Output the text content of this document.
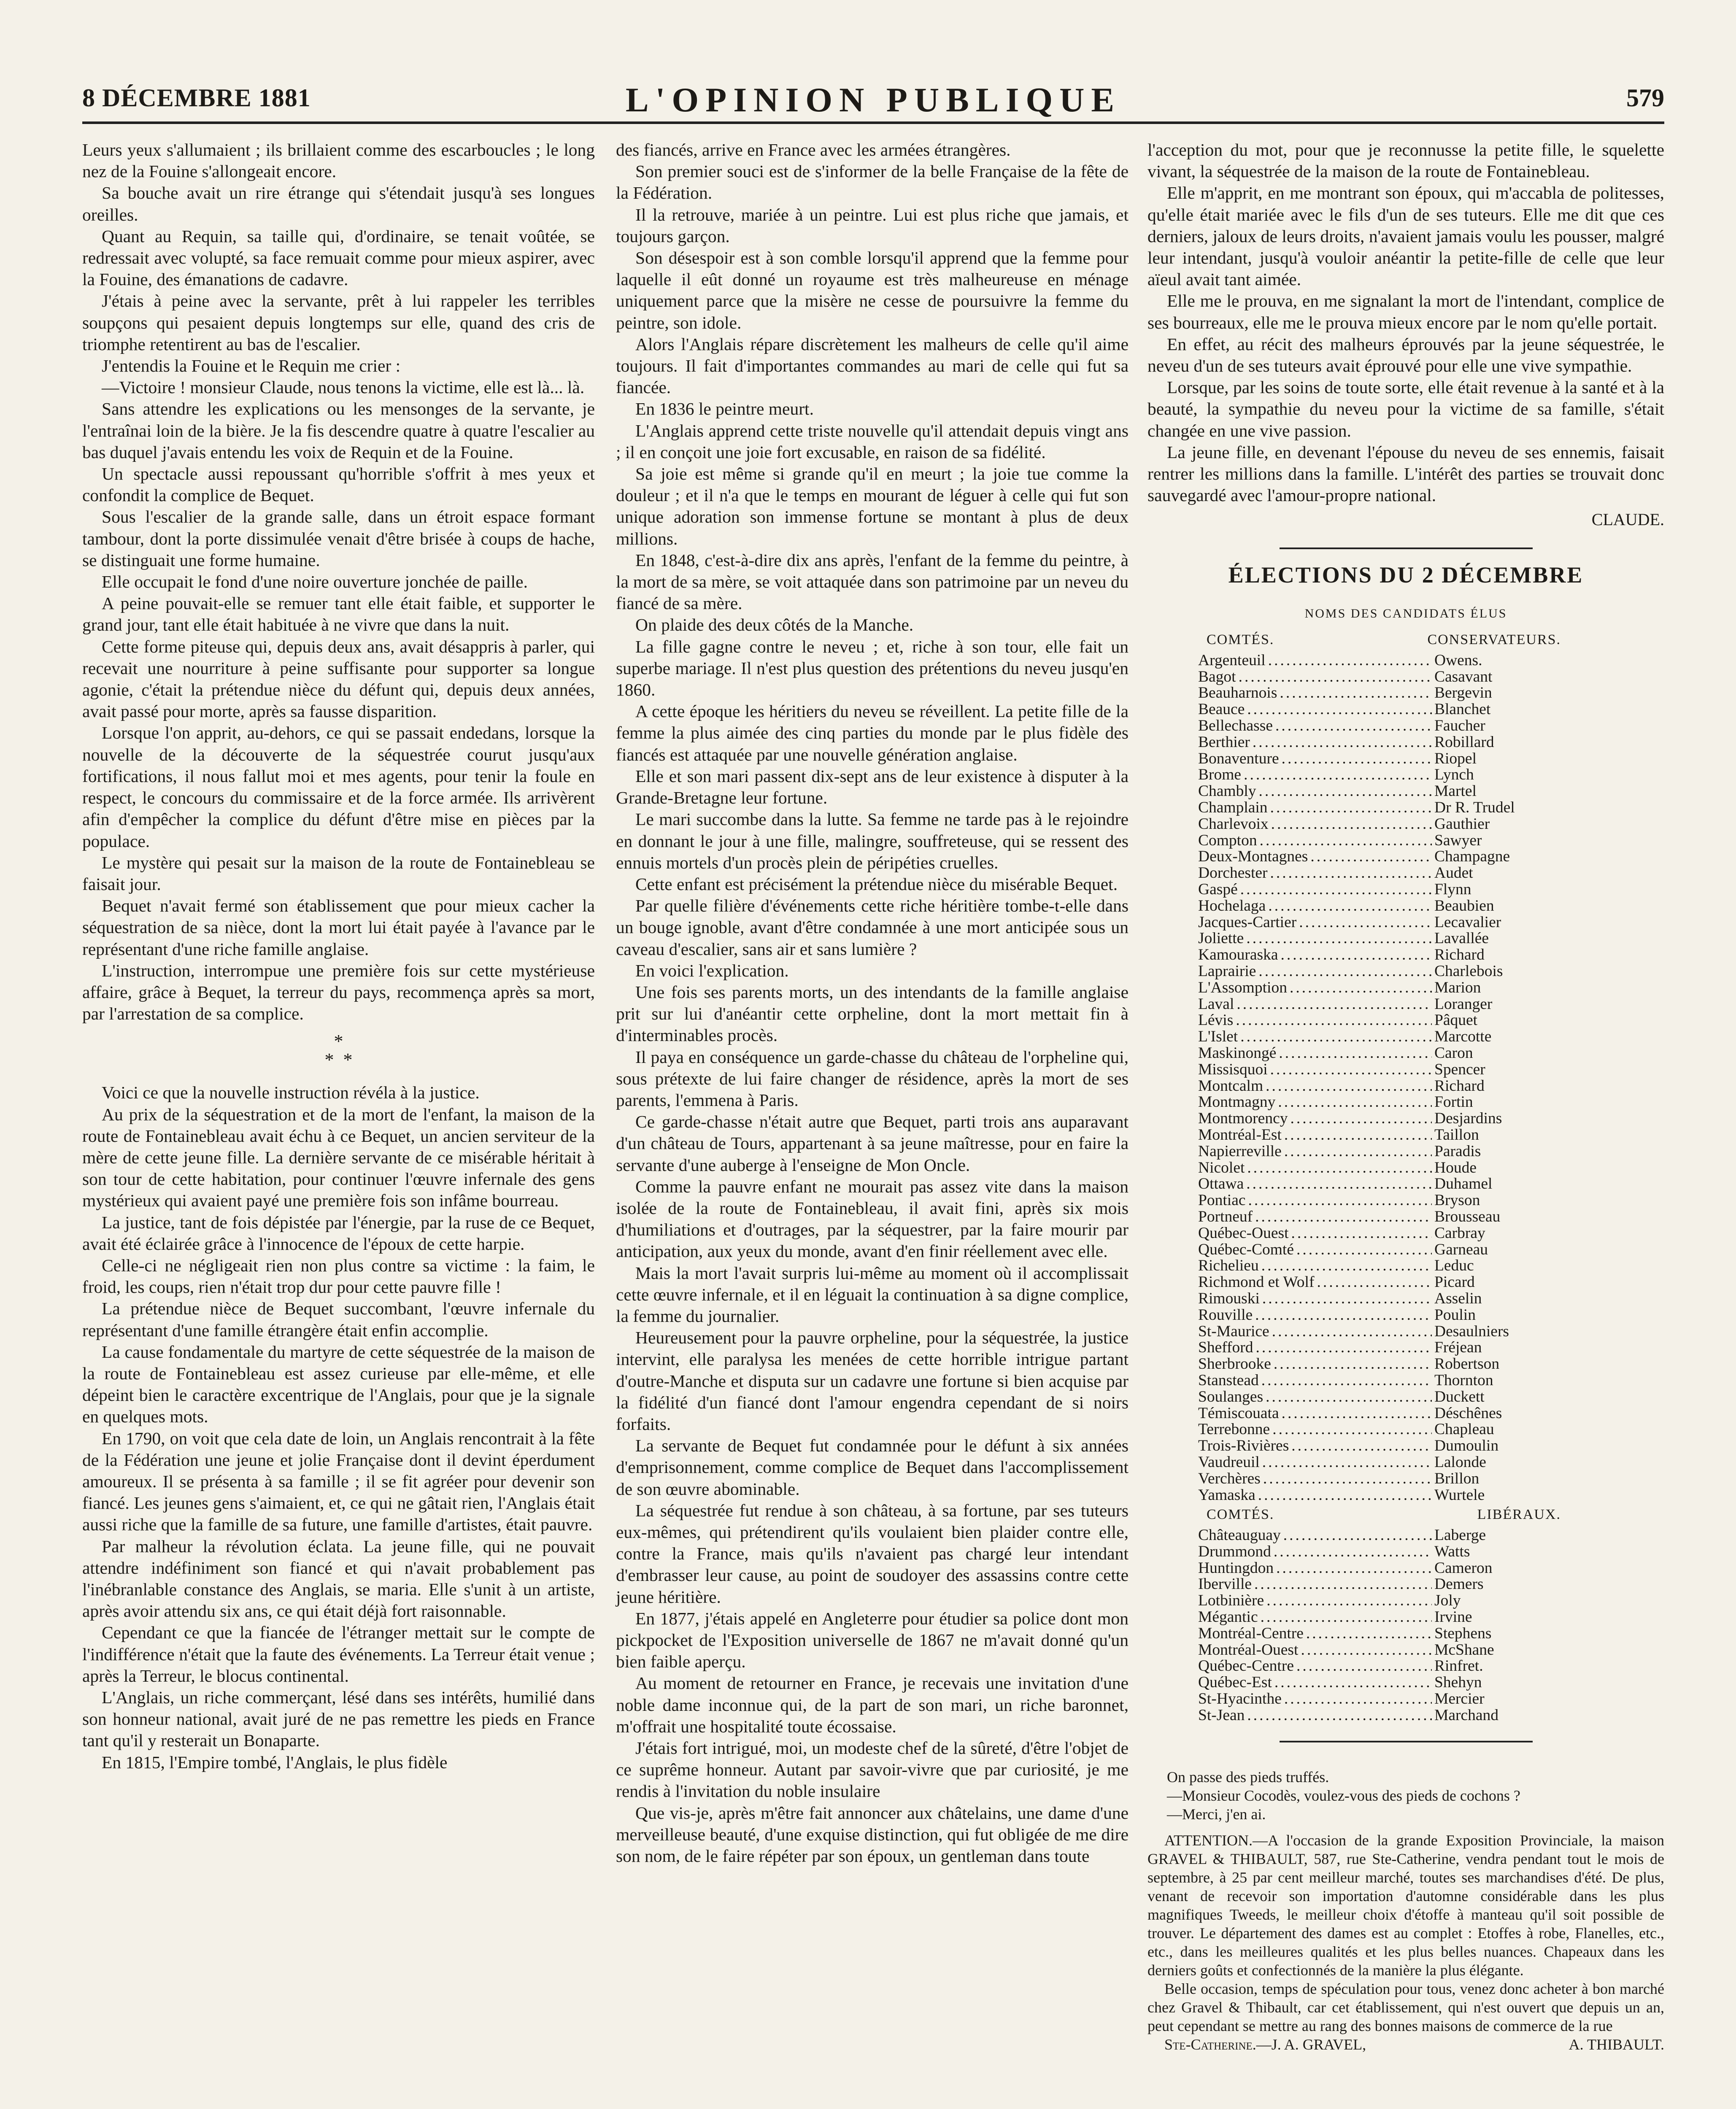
8 DÉCEMBRE 1881	L'OPINION PUBLIQUE	579

Leurs yeux s'allumaient ; ils brillaient comme des escarboucles ; le long nez de la Fouine s'allongeait encore.

Sa bouche avait un rire étrange qui s'étendait jusqu'à ses longues oreilles.

Quant au Requin, sa taille qui, d'ordinaire, se tenait voûtée, se redressait avec volupté, sa face remuait comme pour mieux aspirer, avec la Fouine, des émanations de cadavre.

J'étais à peine avec la servante, prêt à lui rappeler les terribles soupçons qui pesaient depuis longtemps sur elle, quand des cris de triomphe retentirent au bas de l'escalier.

J'entendis la Fouine et le Requin me crier :

—Victoire ! monsieur Claude, nous tenons la victime, elle est là... là.

Sans attendre les explications ou les mensonges de la servante, je l'entraînai loin de la bière. Je la fis descendre quatre à quatre l'escalier au bas duquel j'avais entendu les voix de Requin et de la Fouine.

Un spectacle aussi repoussant qu'horrible s'offrit à mes yeux et confondit la complice de Bequet.

Sous l'escalier de la grande salle, dans un étroit espace formant tambour, dont la porte dissimulée venait d'être brisée à coups de hache, se distinguait une forme humaine.

Elle occupait le fond d'une noire ouverture jonchée de paille.

A peine pouvait-elle se remuer tant elle était faible, et supporter le grand jour, tant elle était habituée à ne vivre que dans la nuit.

Cette forme piteuse qui, depuis deux ans, avait désappris à parler, qui recevait une nourriture à peine suffisante pour supporter sa longue agonie, c'était la prétendue nièce du défunt qui, depuis deux années, avait passé pour morte, après sa fausse disparition.

Lorsque l'on apprit, au-dehors, ce qui se passait endedans, lorsque la nouvelle de la découverte de la séquestrée courut jusqu'aux fortifications, il nous fallut moi et mes agents, pour tenir la foule en respect, le concours du commissaire et de la force armée. Ils arrivèrent afin d'empêcher la complice du défunt d'être mise en pièces par la populace.

Le mystère qui pesait sur la maison de la route de Fontainebleau se faisait jour.

Bequet n'avait fermé son établissement que pour mieux cacher la séquestration de sa nièce, dont la mort lui était payée à l'avance par le représentant d'une riche famille anglaise.

L'instruction, interrompue une première fois sur cette mystérieuse affaire, grâce à Bequet, la terreur du pays, recommença après sa mort, par l'arrestation de sa complice.

*
* *

Voici ce que la nouvelle instruction révéla à la justice.

Au prix de la séquestration et de la mort de l'enfant, la maison de la route de Fontainebleau avait échu à ce Bequet, un ancien serviteur de la mère de cette jeune fille. La dernière servante de ce misérable héritait à son tour de cette habitation, pour continuer l'œuvre infernale des gens mystérieux qui avaient payé une première fois son infâme bourreau.

La justice, tant de fois dépistée par l'énergie, par la ruse de ce Bequet, avait été éclairée grâce à l'innocence de l'époux de cette harpie.

Celle-ci ne négligeait rien non plus contre sa victime : la faim, le froid, les coups, rien n'était trop dur pour cette pauvre fille !

La prétendue nièce de Bequet succombant, l'œuvre infernale du représentant d'une famille étrangère était enfin accomplie.

La cause fondamentale du martyre de cette séquestrée de la maison de la route de Fontainebleau est assez curieuse par elle-même, et elle dépeint bien le caractère excentrique de l'Anglais, pour que je la signale en quelques mots.

En 1790, on voit que cela date de loin, un Anglais rencontrait à la fête de la Fédération une jeune et jolie Française dont il devint éperdument amoureux. Il se présenta à sa famille ; il se fit agréer pour devenir son fiancé. Les jeunes gens s'aimaient, et, ce qui ne gâtait rien, l'Anglais était aussi riche que la famille de sa future, une famille d'artistes, était pauvre.

Par malheur la révolution éclata. La jeune fille, qui ne pouvait attendre indéfiniment son fiancé et qui n'avait probablement pas l'inébranlable constance des Anglais, se maria. Elle s'unit à un artiste, après avoir attendu six ans, ce qui était déjà fort raisonnable.

Cependant ce que la fiancée de l'étranger mettait sur le compte de l'indifférence n'était que la faute des événements. La Terreur était venue ; après la Terreur, le blocus continental.

L'Anglais, un riche commerçant, lésé dans ses intérêts, humilié dans son honneur national, avait juré de ne pas remettre les pieds en France tant qu'il y resterait un Bonaparte.

En 1815, l'Empire tombé, l'Anglais, le plus fidèle

des fiancés, arrive en France avec les armées étrangères.

Son premier souci est de s'informer de la belle Française de la fête de la Fédération.

Il la retrouve, mariée à un peintre. Lui est plus riche que jamais, et toujours garçon.

Son désespoir est à son comble lorsqu'il apprend que la femme pour laquelle il eût donné un royaume est très malheureuse en ménage uniquement parce que la misère ne cesse de poursuivre la femme du peintre, son idole.

Alors l'Anglais répare discrètement les malheurs de celle qu'il aime toujours. Il fait d'importantes commandes au mari de celle qui fut sa fiancée.

En 1836 le peintre meurt.

L'Anglais apprend cette triste nouvelle qu'il attendait depuis vingt ans ; il en conçoit une joie fort excusable, en raison de sa fidélité.

Sa joie est même si grande qu'il en meurt ; la joie tue comme la douleur ; et il n'a que le temps en mourant de léguer à celle qui fut son unique adoration son immense fortune se montant à plus de deux millions.

En 1848, c'est-à-dire dix ans après, l'enfant de la femme du peintre, à la mort de sa mère, se voit attaquée dans son patrimoine par un neveu du fiancé de sa mère.

On plaide des deux côtés de la Manche.

La fille gagne contre le neveu ; et, riche à son tour, elle fait un superbe mariage. Il n'est plus question des prétentions du neveu jusqu'en 1860.

A cette époque les héritiers du neveu se réveillent. La petite fille de la femme la plus aimée des cinq parties du monde par le plus fidèle des fiancés est attaquée par une nouvelle génération anglaise.

Elle et son mari passent dix-sept ans de leur existence à disputer à la Grande-Bretagne leur fortune.

Le mari succombe dans la lutte. Sa femme ne tarde pas à le rejoindre en donnant le jour à une fille, malingre, souffreteuse, qui se ressent des ennuis mortels d'un procès plein de péripéties cruelles.

Cette enfant est précisément la prétendue nièce du misérable Bequet.

Par quelle filière d'événements cette riche héritière tombe-t-elle dans un bouge ignoble, avant d'être condamnée à une mort anticipée sous un caveau d'escalier, sans air et sans lumière ?

En voici l'explication.

Une fois ses parents morts, un des intendants de la famille anglaise prit sur lui d'anéantir cette orpheline, dont la mort mettait fin à d'interminables procès.

Il paya en conséquence un garde-chasse du château de l'orpheline qui, sous prétexte de lui faire changer de résidence, après la mort de ses parents, l'emmena à Paris.

Ce garde-chasse n'était autre que Bequet, parti trois ans auparavant d'un château de Tours, appartenant à sa jeune maîtresse, pour en faire la servante d'une auberge à l'enseigne de Mon Oncle.

Comme la pauvre enfant ne mourait pas assez vite dans la maison isolée de la route de Fontainebleau, il avait fini, après six mois d'humiliations et d'outrages, par la séquestrer, par la faire mourir par anticipation, aux yeux du monde, avant d'en finir réellement avec elle.

Mais la mort l'avait surpris lui-même au moment où il accomplissait cette œuvre infernale, et il en léguait la continuation à sa digne complice, la femme du journalier.

Heureusement pour la pauvre orpheline, pour la séquestrée, la justice intervint, elle paralysa les menées de cette horrible intrigue partant d'outre-Manche et disputa sur un cadavre une fortune si bien acquise par la fidélité d'un fiancé dont l'amour engendra cependant de si noirs forfaits.

La servante de Bequet fut condamnée pour le défunt à six années d'emprisonnement, comme complice de Bequet dans l'accomplissement de son œuvre abominable.

La séquestrée fut rendue à son château, à sa fortune, par ses tuteurs eux-mêmes, qui prétendirent qu'ils voulaient bien plaider contre elle, contre la France, mais qu'ils n'avaient pas chargé leur intendant d'embrasser leur cause, au point de soudoyer des assassins contre cette jeune héritière.

En 1877, j'étais appelé en Angleterre pour étudier sa police dont mon pickpocket de l'Exposition universelle de 1867 ne m'avait donné qu'un bien faible aperçu.

Au moment de retourner en France, je recevais une invitation d'une noble dame inconnue qui, de la part de son mari, un riche baronnet, m'offrait une hospitalité toute écossaise.

J'étais fort intrigué, moi, un modeste chef de la sûreté, d'être l'objet de ce suprême honneur. Autant par savoir-vivre que par curiosité, je me rendis à l'invitation du noble insulaire

Que vis-je, après m'être fait annoncer aux châtelains, une dame d'une merveilleuse beauté, d'une exquise distinction, qui fut obligée de me dire son nom, de le faire répéter par son époux, un gentleman dans toute

l'acception du mot, pour que je reconnusse la petite fille, le squelette vivant, la séquestrée de la maison de la route de Fontainebleau.

Elle m'apprit, en me montrant son époux, qui m'accabla de politesses, qu'elle était mariée avec le fils d'un de ses tuteurs. Elle me dit que ces derniers, jaloux de leurs droits, n'avaient jamais voulu les pousser, malgré leur intendant, jusqu'à vouloir anéantir la petite-fille de celle que leur aïeul avait tant aimée.

Elle me le prouva, en me signalant la mort de l'intendant, complice de ses bourreaux, elle me le prouva mieux encore par le nom qu'elle portait.

En effet, au récit des malheurs éprouvés par la jeune séquestrée, le neveu d'un de ses tuteurs avait éprouvé pour elle une vive sympathie.

Lorsque, par les soins de toute sorte, elle était revenue à la santé et à la beauté, la sympathie du neveu pour la victime de sa famille, s'était changée en une vive passion.

La jeune fille, en devenant l'épouse du neveu de ses ennemis, faisait rentrer les millions dans la famille. L'intérêt des parties se trouvait donc sauvegardé avec l'amour-propre national.

CLAUDE.
ÉLECTIONS DU 2 DÉCEMBRE
NOMS DES CANDIDATS ÉLUS
COMTÉS.	CONSERVATEURS.
Argenteuil .....	Owens.
Bagot .....	Casavant
Beauharnois .....	Bergevin
Beauce .....	Blanchet
Bellechasse .....	Faucher
Berthier .....	Robillard
Bonaventure .....	Riopel
Brome .....	Lynch
Chambly .....	Martel
Champlain .....	Dr R. Trudel
Charlevoix .....	Gauthier
Compton .....	Sawyer
Deux-Montagnes .....	Champagne
Dorchester .....	Audet
Gaspé .....	Flynn
Hochelaga .....	Beaubien
Jacques-Cartier .....	Lecavalier
Joliette .....	Lavallée
Kamouraska .....	Richard
Laprairie .....	Charlebois
L'Assomption .....	Marion
Laval .....	Loranger
Lévis .....	Pâquet
L'Islet .....	Marcotte
Maskinongé .....	Caron
Missisquoi .....	Spencer
Montcalm .....	Richard
Montmagny .....	Fortin
Montmorency .....	Desjardins
Montréal-Est .....	Taillon
Napierreville .....	Paradis
Nicolet .....	Houde
Ottawa .....	Duhamel
Pontiac .....	Bryson
Portneuf .....	Brousseau
Québec-Ouest .....	Carbray
Québec-Comté .....	Garneau
Richelieu .....	Leduc
Richmond et Wolf .....	Picard
Rimouski .....	Asselin
Rouville .....	Poulin
St-Maurice .....	Desaulniers
Shefford .....	Fréjean
Sherbrooke .....	Robertson
Stanstead .....	Thornton
Soulanges .....	Duckett
Témiscouata .....	Déschênes
Terrebonne .....	Chapleau
Trois-Rivières .....	Dumoulin
Vaudreuil .....	Lalonde
Verchères .....	Brillon
Yamaska .....	Wurtele
COMTÉS.	LIBÉRAUX.
Châteauguay .....	Laberge
Drummond .....	Watts
Huntingdon .....	Cameron
Iberville .....	Demers
Lotbinière .....	Joly
Mégantic .....	Irvine
Montréal-Centre .....	Stephens
Montréal-Ouest .....	McShane
Québec-Centre .....	Rinfret.
Québec-Est .....	Shehyn
St-Hyacinthe .....	Mercier
St-Jean .....	Marchand

On passe des pieds truffés.

—Monsieur Cocodès, voulez-vous des pieds de cochons ?

—Merci, j'en ai.

ATTENTION.—A l'occasion de la grande Exposition Provinciale, la maison GRAVEL & THIBAULT, 587, rue Ste-Catherine, vendra pendant tout le mois de septembre, à 25 par cent meilleur marché, toutes ses marchandises d'été. De plus, venant de recevoir son importation d'automne considérable dans les plus magnifiques Tweeds, le meilleur choix d'étoffe à manteau qu'il soit possible de trouver. Le département des dames est au complet : Etoffes à robe, Flanelles, etc., etc., dans les meilleures qualités et les plus belles nuances. Chapeaux dans les derniers goûts et confectionnés de la manière la plus élégante.

Belle occasion, temps de spéculation pour tous, venez donc acheter à bon marché chez Gravel & Thibault, car cet établissement, qui n'est ouvert que depuis un an, peut cependant se mettre au rang des bonnes maisons de commerce de la rue

Ste-Catherine.—J. A. GRAVEL,	A. THIBAULT.
